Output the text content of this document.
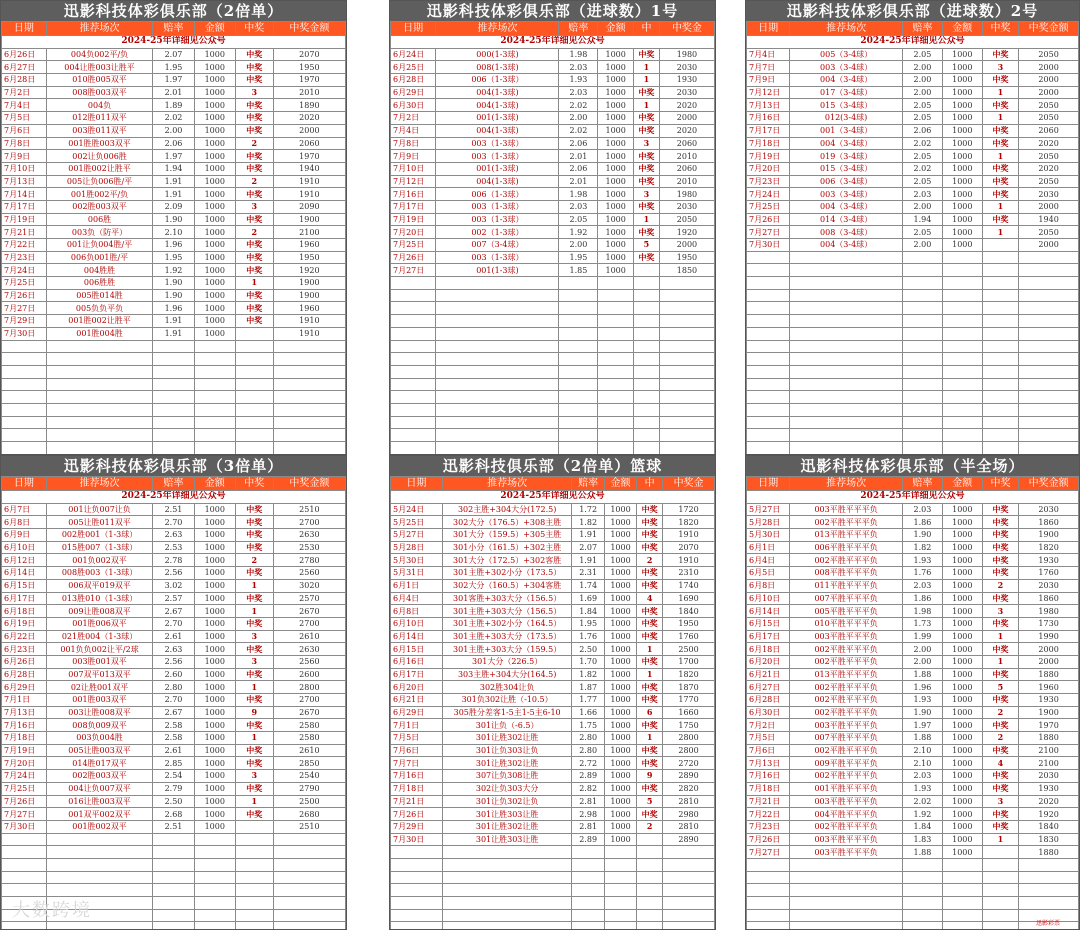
迅影科技体彩俱乐部（2倍单）
日期	推荐场次	赔率	金额	中奖	中奖金额
2024-25年详细见公众号					
6月26日	004负002平/负	2.07	1000	中奖	2070
6月27日	004让胜003让胜平	1.95	1000	中奖	1950
6月28日	010胜005双平	1.97	1000	中奖	1970
7月2日	008胜003双平	2.01	1000	3	2010
7月4日	004负	1.89	1000	中奖	1890
7月5日	012胜011双平	2.02	1000	中奖	2020
7月6日	003胜011双平	2.00	1000	中奖	2000
7月8日	001胜胜003双平	2.06	1000	2	2060
7月9日	002让负006胜	1.97	1000	中奖	1970
7月10日	001胜002让胜平	1.94	1000	中奖	1940
7月13日	005让负006胜/平	1.91	1000	2	1910
7月14日	001胜002平/负	1.91	1000	中奖	1910
7月17日	002胜003双平	2.09	1000	3	2090
7月19日	006胜	1.90	1000	中奖	1900
7月21日	003负（防平）	2.10	1000	2	2100
7月22日	001让负004胜/平	1.96	1000	中奖	1960
7月23日	006负001胜/平	1.95	1000	中奖	1950
7月24日	004胜胜	1.92	1000	中奖	1920
7月25日	006胜胜	1.90	1000	1	1900
7月26日	005胜014胜	1.90	1000	中奖	1900
7月27日	005负负平负	1.96	1000	中奖	1960
7月29日	001胜002让胜平	1.91	1000	中奖	1910
7月30日	001胜004胜	1.91	1000		1910

迅影科技体彩俱乐部（进球数）1号
日期	推荐场次	赔率	金额	中	中奖金
2024-25年详细见公众号					
6月24日	000(1-3球)	1.98	1000	中奖	1980
6月25日	008(1-3球)	2.03	1000	1	2030
6月28日	006（1-3球）	1.93	1000	1	1930
6月29日	004(1-3球)	2.03	1000	中奖	2030
6月30日	004(1-3球)	2.02	1000	1	2020
7月2日	001(1-3球)	2.00	1000	中奖	2000
7月4日	004(1-3球)	2.02	1000	中奖	2020
7月8日	003（1-3球）	2.06	1000	3	2060
7月9日	003（1-3球）	2.01	1000	中奖	2010
7月10日	001(1-3球)	2.06	1000	中奖	2060
7月12日	004(1-3球)	2.01	1000	中奖	2010
7月16日	006（1-3球）	1.98	1000	3	1980
7月17日	003（1-3球）	2.03	1000	中奖	2030
7月19日	003（1-3球）	2.05	1000	1	2050
7月20日	002（1-3球）	1.92	1000	中奖	1920
7月25日	007（3-4球）	2.00	1000	5	2000
7月26日	003（1-3球）	1.95	1000	中奖	1950
7月27日	001(1-3球)	1.85	1000		1850

迅影科技体彩俱乐部（进球数）2号
日期	推荐场次	赔率	金额	中奖	中奖金额
2024-25年详细见公众号					
7月4日	005（3-4球）	2.05	1000	中奖	2050
7月7日	003（3-4球）	2.00	1000	3	2000
7月9日	004（3-4球）	2.00	1000	中奖	2000
7月12日	017（3-4球）	2.00	1000	1	2000
7月13日	015（3-4球）	2.05	1000	中奖	2050
7月16日	012(3-4球)	2.05	1000	1	2050
7月17日	001（3-4球）	2.06	1000	中奖	2060
7月18日	004（3-4球）	2.02	1000	中奖	2020
7月19日	019（3-4球）	2.05	1000	1	2050
7月20日	015（3-4球）	2.02	1000	中奖	2020
7月23日	006（3-4球）	2.05	1000	中奖	2050
7月24日	003（3-4球）	2.03	1000	中奖	2030
7月25日	004（3-4球）	2.00	1000	1	2000
7月26日	014（3-4球）	1.94	1000	中奖	1940
7月27日	008（3-4球）	2.05	1000	1	2050
7月30日	004（3-4球）	2.00	1000		2000

迅影科技体彩俱乐部（3倍单）
日期	推荐场次	赔率	金额	中奖	中奖金额
2024-25年详细见公众号					
6月7日	001让负007让负	2.51	1000	中奖	2510
6月8日	005让胜011双平	2.70	1000	中奖	2700
6月9日	002胜001（1-3球）	2.63	1000	中奖	2630
6月10日	015胜007（1-3球）	2.53	1000	中奖	2530
6月12日	001负002双平	2.78	1000	2	2780
6月14日	008胜003（1-3球）	2.56	1000	中奖	2560
6月15日	006双平019双平	3.02	1000	1	3020
6月17日	013胜010（1-3球）	2.57	1000	中奖	2570
6月18日	009让胜008双平	2.67	1000	1	2670
6月19日	001胜006双平	2.70	1000	中奖	2700
6月22日	021胜004（1-3球）	2.61	1000	3	2610
6月23日	001负负002让平/2球	2.63	1000	中奖	2630
6月26日	003胜001双平	2.56	1000	3	2560
6月28日	007双平013双平	2.60	1000	中奖	2600
6月29日	02让胜001双平	2.80	1000	1	2800
7月1日	001胜003双平	2.70	1000	中奖	2700
7月13日	003让胜008双平	2.67	1000	9	2670
7月16日	008负009双平	2.58	1000	中奖	2580
7月18日	003负004胜	2.58	1000	1	2580
7月19日	005让胜003双平	2.61	1000	中奖	2610
7月20日	014胜017双平	2.85	1000	中奖	2850
7月24日	002胜003双平	2.54	1000	3	2540
7月25日	004让负007双平	2.79	1000	中奖	2790
7月26日	016让胜003双平	2.50	1000	1	2500
7月27日	001双平002双平	2.68	1000	中奖	2680
7月30日	001胜002双平	2.51	1000		2510

迅影科技俱乐部（2倍单）篮球
日期	推荐场次	赔率	金额	中	中奖金
2024-25年详细见公众号					
5月24日	302主胜+304大分(172.5)	1.72	1000	中奖	1720
5月25日	302大分（176.5）+308主胜	1.82	1000	中奖	1820
5月27日	301大分（159.5）+305主胜	1.91	1000	中奖	1910
5月28日	301小分（161.5）+302主胜	2.07	1000	中奖	2070
5月30日	301大分（172.5）+302客胜	1.91	1000	2	1910
5月31日	301主胜+302小分（173.5）	2.31	1000	中奖	2310
6月1日	302大分（160.5）+304客胜	1.74	1000	中奖	1740
6月4日	301客胜+303大分（156.5）	1.69	1000	4	1690
6月8日	301主胜+303大分（156.5）	1.84	1000	中奖	1840
6月10日	301主胜+302小分（164.5）	1.95	1000	中奖	1950
6月14日	301主胜+303大分（173.5）	1.76	1000	中奖	1760
6月15日	301主胜+303大分（159.5）	2.50	1000	1	2500
6月16日	301大分（226.5）	1.70	1000	中奖	1700
6月17日	303主胜+304大分(164.5)	1.82	1000	1	1820
6月20日	302胜304让负	1.87	1000	中奖	1870
6月21日	301负302让胜（-10.5）	1.77	1000	中奖	1770
6月29日	305胜分差客1-5主1-5主6-10	1.66	1000	6	1660
7月1日	301让负（-6.5）	1.75	1000	中奖	1750
7月5日	301让胜302让胜	2.80	1000	1	2800
7月6日	301让负303让负	2.80	1000	中奖	2800
7月7日	301让胜302让胜	2.72	1000	中奖	2720
7月16日	307让负308让胜	2.89	1000	9	2890
7月18日	302让负303大分	2.82	1000	中奖	2820
7月21日	301让负302让负	2.81	1000	5	2810
7月26日	301让胜303让胜	2.98	1000	中奖	2980
7月29日	301让胜302让胜	2.81	1000	2	2810
7月30日	301让胜303让胜	2.89	1000		2890

迅影科技体彩俱乐部（半全场）
日期	推荐场次	赔率	金额	中奖	中奖金额
2024-25年详细见公众号					
5月27日	003平胜平平平负	2.03	1000	中奖	2030
5月28日	002平胜平平平负	1.86	1000	中奖	1860
5月30日	013平胜平平平负	1.90	1000	中奖	1900
6月1日	006平胜平平平负	1.82	1000	中奖	1820
6月4日	002平胜平平平负	1.93	1000	中奖	1930
6月5日	008平胜平平平负	1.76	1000	中奖	1760
6月8日	011平胜平平平负	2.03	1000	2	2030
6月10日	007平胜平平平负	1.86	1000	中奖	1860
6月14日	005平胜平平平负	1.98	1000	3	1980
6月15日	010平胜平平平负	1.73	1000	中奖	1730
6月17日	003平胜平平平负	1.99	1000	1	1990
6月18日	002平胜平平平负	2.00	1000	中奖	2000
6月20日	002平胜平平平负	2.00	1000	1	2000
6月21日	013平胜平平平负	1.88	1000	中奖	1880
6月27日	002平胜平平平负	1.96	1000	5	1960
6月28日	002平胜平平平负	1.93	1000	中奖	1930
6月30日	002平胜平平平负	1.90	1000	2	1900
7月2日	003平胜平平平负	1.97	1000	中奖	1970
7月5日	007平胜平平平负	1.88	1000	2	1880
7月6日	002平胜平平平负	2.10	1000	中奖	2100
7月13日	009平胜平平平负	2.10	1000	4	2100
7月16日	002平胜平平平负	2.03	1000	中奖	2030
7月18日	001平胜平平平负	1.93	1000	中奖	1930
7月21日	003平胜平平平负	2.02	1000	3	2020
7月22日	004平胜平平平负	1.92	1000	中奖	1920
7月23日	002平胜平平平负	1.84	1000	中奖	1840
7月26日	003平胜平平平负	1.83	1000	1	1830
7月27日	003平胜平平平负	1.88	1000		1880

大数跨境
迅影彩票
